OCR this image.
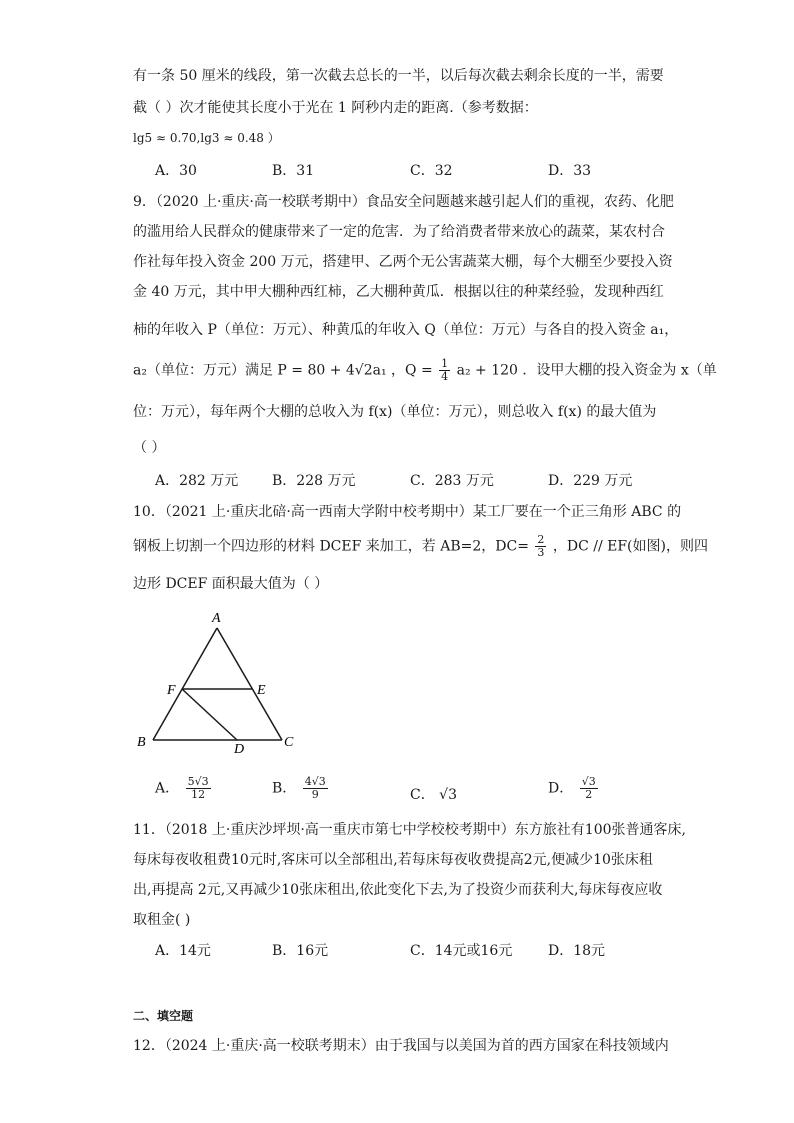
有一条 50 厘米的线段，第一次截去总长的一半，以后每次截去剩余长度的一半，需要
截（ ）次才能使其长度小于光在 1 阿秒内走的距离.（参考数据：
lg5 ≈ 0.70,lg3 ≈ 0.48 ）
A．30	B．31	C．32	D．33
9．（2020 上·重庆·高一校联考期中）食品安全问题越来越引起人们的重视，农药、化肥
的滥用给人民群众的健康带来了一定的危害．为了给消费者带来放心的蔬菜，某农村合
作社每年投入资金 200 万元，搭建甲、乙两个无公害蔬菜大棚，每个大棚至少要投入资
金 40 万元，其中甲大棚种西红柿，乙大棚种黄瓜．根据以往的种菜经验，发现种西红
柿的年收入 P（单位：万元）、种黄瓜的年收入 Q（单位：万元）与各自的投入资金 a₁，
a₂（单位：万元）满足 P = 80 + 4√2a₁ ，$Q = \frac{1}{4} a_2 + 120$ ．设甲大棚的投入资金为 x（单
位：万元），每年两个大棚的总收入为 f(x)（单位：万元），则总收入 f(x) 的最大值为
（ ）
A．282 万元 B．228 万元	C．283 万元	D．229 万元
10．（2021 上·重庆北碚·高一西南大学附中校考期中）某工厂要在一个正三角形 ABC 的
钢板上切割一个四边形的材料 DCEF 来加工，若 AB=2，$DC= \frac{2}{3}$ ，DC // EF(如图)，则四
边形 DCEF 面积最大值为（ ）
A
F	E
B	D	C
A． $\frac{5√3}{12}$	B． $\frac{4√3}{9}$	C． √3	D． $\frac{√3}{2}$
11．（2018 上·重庆沙坪坝·高一重庆市第七中学校校考期中）东方旅社有100张普通客床,
每床每夜收租费10元时,客床可以全部租出,若每床每夜收费提高2元,便减少10张床租
出,再提高 2元,又再减少10张床租出,依此变化下去,为了投资少而获利大,每床每夜应收
取租金( )
A．14元	B．16元	C．14元或16元	D．18元
二、填空题
12．（2024 上·重庆·高一校联考期末）由于我国与以美国为首的西方国家在科技领域内
